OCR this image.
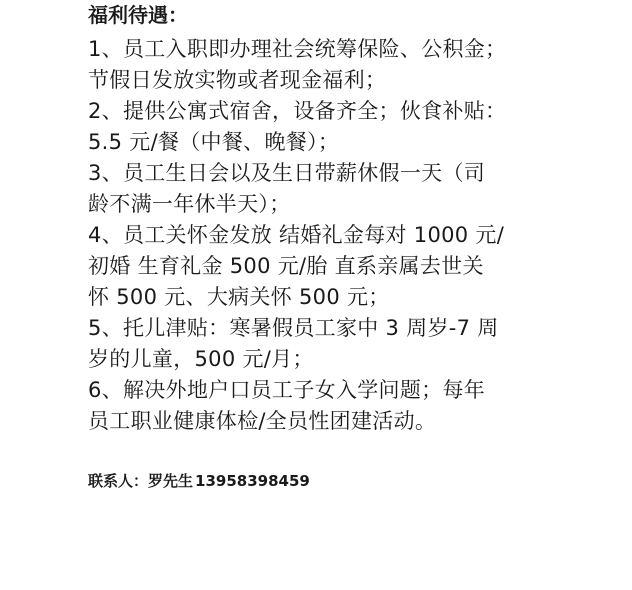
福利待遇：
1、员工入职即办理社会统筹保险、公积金；
节假日发放实物或者现金福利；
2、提供公寓式宿舍，设备齐全；伙食补贴：
5.5 元/餐（中餐、晚餐）；
3、员工生日会以及生日带薪休假一天（司
龄不满一年休半天）；
4、员工关怀金发放 结婚礼金每对 1000 元/
初婚 生育礼金 500 元/胎 直系亲属去世关
怀 500 元、大病关怀 500 元；
5、托儿津贴：寒暑假员工家中 3 周岁-7 周
岁的儿童，500 元/月；
6、解决外地户口员工子女入学问题；每年
员工职业健康体检/全员性团建活动。
联系人：罗先生 13958398459
